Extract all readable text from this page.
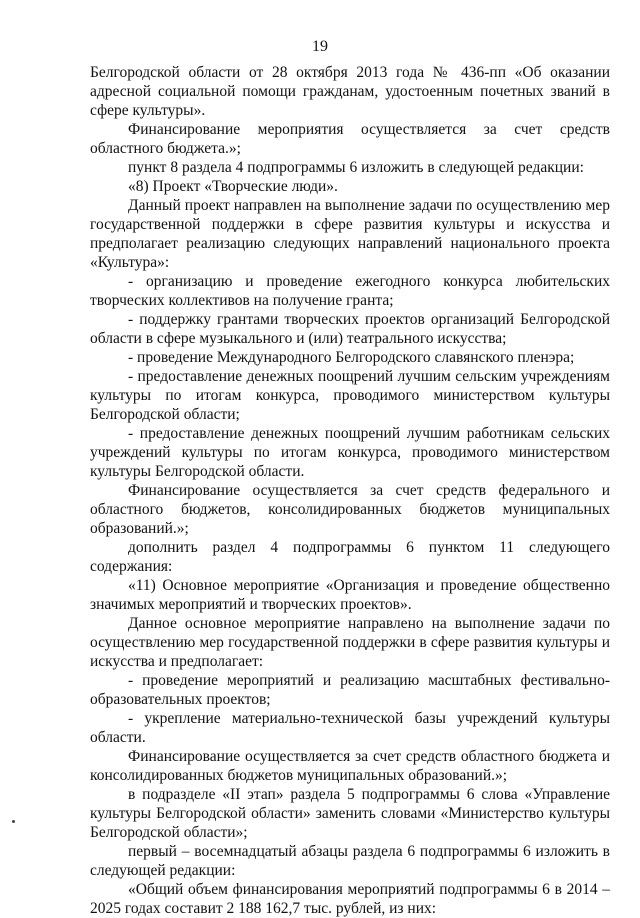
19

Белгородской области от 28 октября 2013 года № 436-пп «Об оказании адресной социальной помощи гражданам, удостоенным почетных званий в сфере культуры».

Финансирование мероприятия осуществляется за счет средств областного бюджета.»;

пункт 8 раздела 4 подпрограммы 6 изложить в следующей редакции:

«8) Проект «Творческие люди».

Данный проект направлен на выполнение задачи по осуществлению мер государственной поддержки в сфере развития культуры и искусства и предполагает реализацию следующих направлений национального проекта «Культура»:

- организацию и проведение ежегодного конкурса любительских творческих коллективов на получение гранта;

- поддержку грантами творческих проектов организаций Белгородской области в сфере музыкального и (или) театрального искусства;

- проведение Международного Белгородского славянского пленэра;

- предоставление денежных поощрений лучшим сельским учреждениям культуры по итогам конкурса, проводимого министерством культуры Белгородской области;

- предоставление денежных поощрений лучшим работникам сельских учреждений культуры по итогам конкурса, проводимого министерством культуры Белгородской области.

Финансирование осуществляется за счет средств федерального и областного бюджетов, консолидированных бюджетов муниципальных образований.»;

дополнить раздел 4 подпрограммы 6 пунктом 11 следующего содержания:

«11) Основное мероприятие «Организация и проведение общественно значимых мероприятий и творческих проектов».

Данное основное мероприятие направлено на выполнение задачи по осуществлению мер государственной поддержки в сфере развития культуры и искусства и предполагает:

- проведение мероприятий и реализацию масштабных фестивально-образовательных проектов;

- укрепление материально-технической базы учреждений культуры области.

Финансирование осуществляется за счет средств областного бюджета и консолидированных бюджетов муниципальных образований.»;

в подразделе «II этап» раздела 5 подпрограммы 6 слова «Управление культуры Белгородской области» заменить словами «Министерство культуры Белгородской области»;

первый – восемнадцатый абзацы раздела 6 подпрограммы 6 изложить в следующей редакции:

«Общий объем финансирования мероприятий подпрограммы 6 в 2014 – 2025 годах составит 2 188 162,7 тыс. рублей, из них:
